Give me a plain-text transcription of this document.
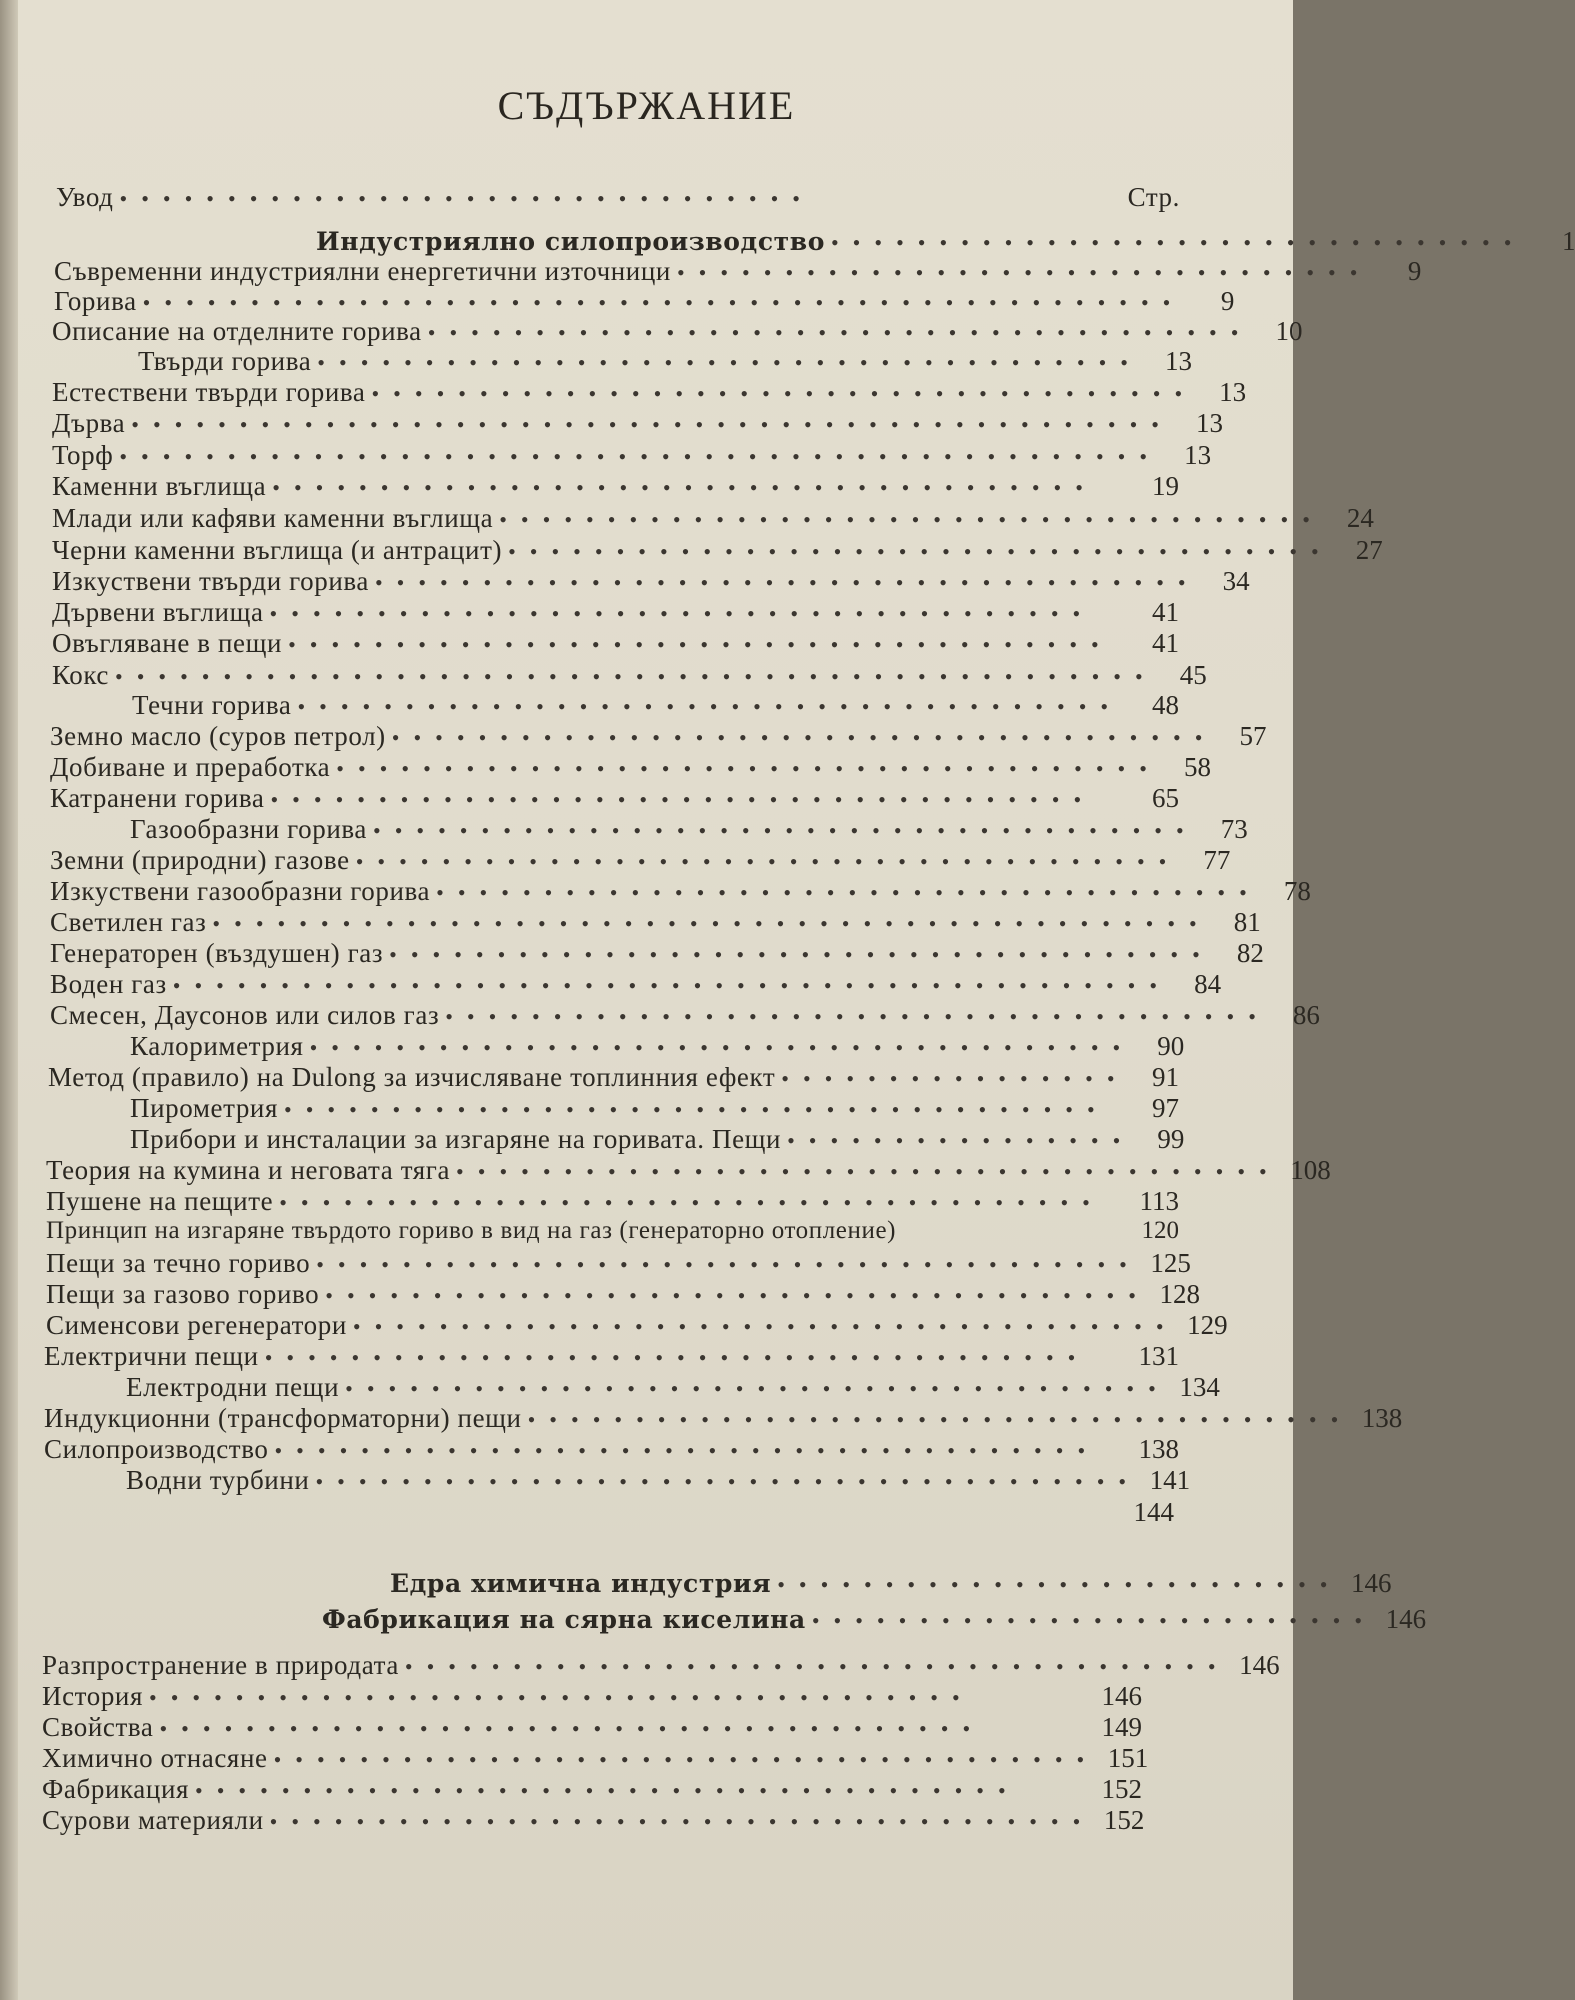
СЪДЪРЖАНИЕ
Стр.
Увод ••••••••••••••••••••••••••••••••
Индустриялно силопроизводство ••••••••••••••••••••••••••••••••	1
Съвременни индустриялни енергетични източници ••••••••••••••••••••••••••••••••	9
Горива ••••••••••••••••••••••••••••••••••••••••••••••••	9
Описание на отделните горива •••••••••••••••••••••••••••••••••••••• 10
Твърди горива •••••••••••••••••••••••••••••••••••••• 13
Естествени твърди горива •••••••••••••••••••••••••••••••••••••• 13
Дърва •••••••••••••••••••••••••••••••••••••••••••••••• 13
Торф •••••••••••••••••••••••••••••••••••••••••••••••• 13
Каменни въглища ••••••••••••••••••••••••••••••••••••••	19
Млади или кафяви каменни въглища •••••••••••••••••••••••••••••••••••••• 24
Черни каменни въглища (и антрацит) •••••••••••••••••••••••••••••••••••••• 27
Изкуствени твърди горива •••••••••••••••••••••••••••••••••••••• 34
Дървени въглища ••••••••••••••••••••••••••••••••••••••	41
Овъгляване в пещи ••••••••••••••••••••••••••••••••••••••	41
Кокс •••••••••••••••••••••••••••••••••••••••••••••••• 45
Течни горива ••••••••••••••••••••••••••••••••••••••	48
Земно масло (суров петрол) •••••••••••••••••••••••••••••••••••••• 57
Добиване и преработка •••••••••••••••••••••••••••••••••••••• 58
Катранени горива ••••••••••••••••••••••••••••••••••••••	65
Газообразни горива •••••••••••••••••••••••••••••••••••••• 73
Земни (природни) газове •••••••••••••••••••••••••••••••••••••• 77
Изкуствени газообразни горива •••••••••••••••••••••••••••••••••••••• 78
Светилен газ •••••••••••••••••••••••••••••••••••••••••••••• 81
Генераторен (въздушен) газ •••••••••••••••••••••••••••••••••••••• 82
Воден газ •••••••••••••••••••••••••••••••••••••••••••••• 84
Смесен, Даусонов или силов газ •••••••••••••••••••••••••••••••••••••• 86
Калориметрия •••••••••••••••••••••••••••••••••••••• 90
Метод (правило) на Dulong за изчисляване топлинния ефект •••••••••••••••• 91
Пирометрия ••••••••••••••••••••••••••••••••••••••	97
Прибори и инсталации за изгаряне на горивата. Пещи •••••••••••••••• 99
Теория на кумина и неговата тяга •••••••••••••••••••••••••••••••••••••• 108
Пушене на пещите ••••••••••••••••••••••••••••••••••••••	113
Принцип на изгаряне твърдото гориво в вид на газ (генераторно отопление)	120
Пещи за течно гориво •••••••••••••••••••••••••••••••••••••• 125
Пещи за газово гориво •••••••••••••••••••••••••••••••••••••• 128
Сименсови регенератори •••••••••••••••••••••••••••••••••••••• 129
Електрични пещи ••••••••••••••••••••••••••••••••••••••	131
Електродни пещи •••••••••••••••••••••••••••••••••••••• 134
Индукционни (трансформаторни) пещи •••••••••••••••••••••••••••••••••••••• 138
Силопроизводство ••••••••••••••••••••••••••••••••••••••	138
Водни турбини •••••••••••••••••••••••••••••••••••••• 141
144
Едра химична индустрия •••••••••••••••••••••••••• 146
Фабрикация на сярна киселина •••••••••••••••••••••••••• 146
Разпространение в природата •••••••••••••••••••••••••••••••••••••• 146
История ••••••••••••••••••••••••••••••••••••••	146
Свойства ••••••••••••••••••••••••••••••••••••••	149
Химично отнасяне •••••••••••••••••••••••••••••••••••••• 151
Фабрикация ••••••••••••••••••••••••••••••••••••••	152
Сурови материяли •••••••••••••••••••••••••••••••••••••• 152
